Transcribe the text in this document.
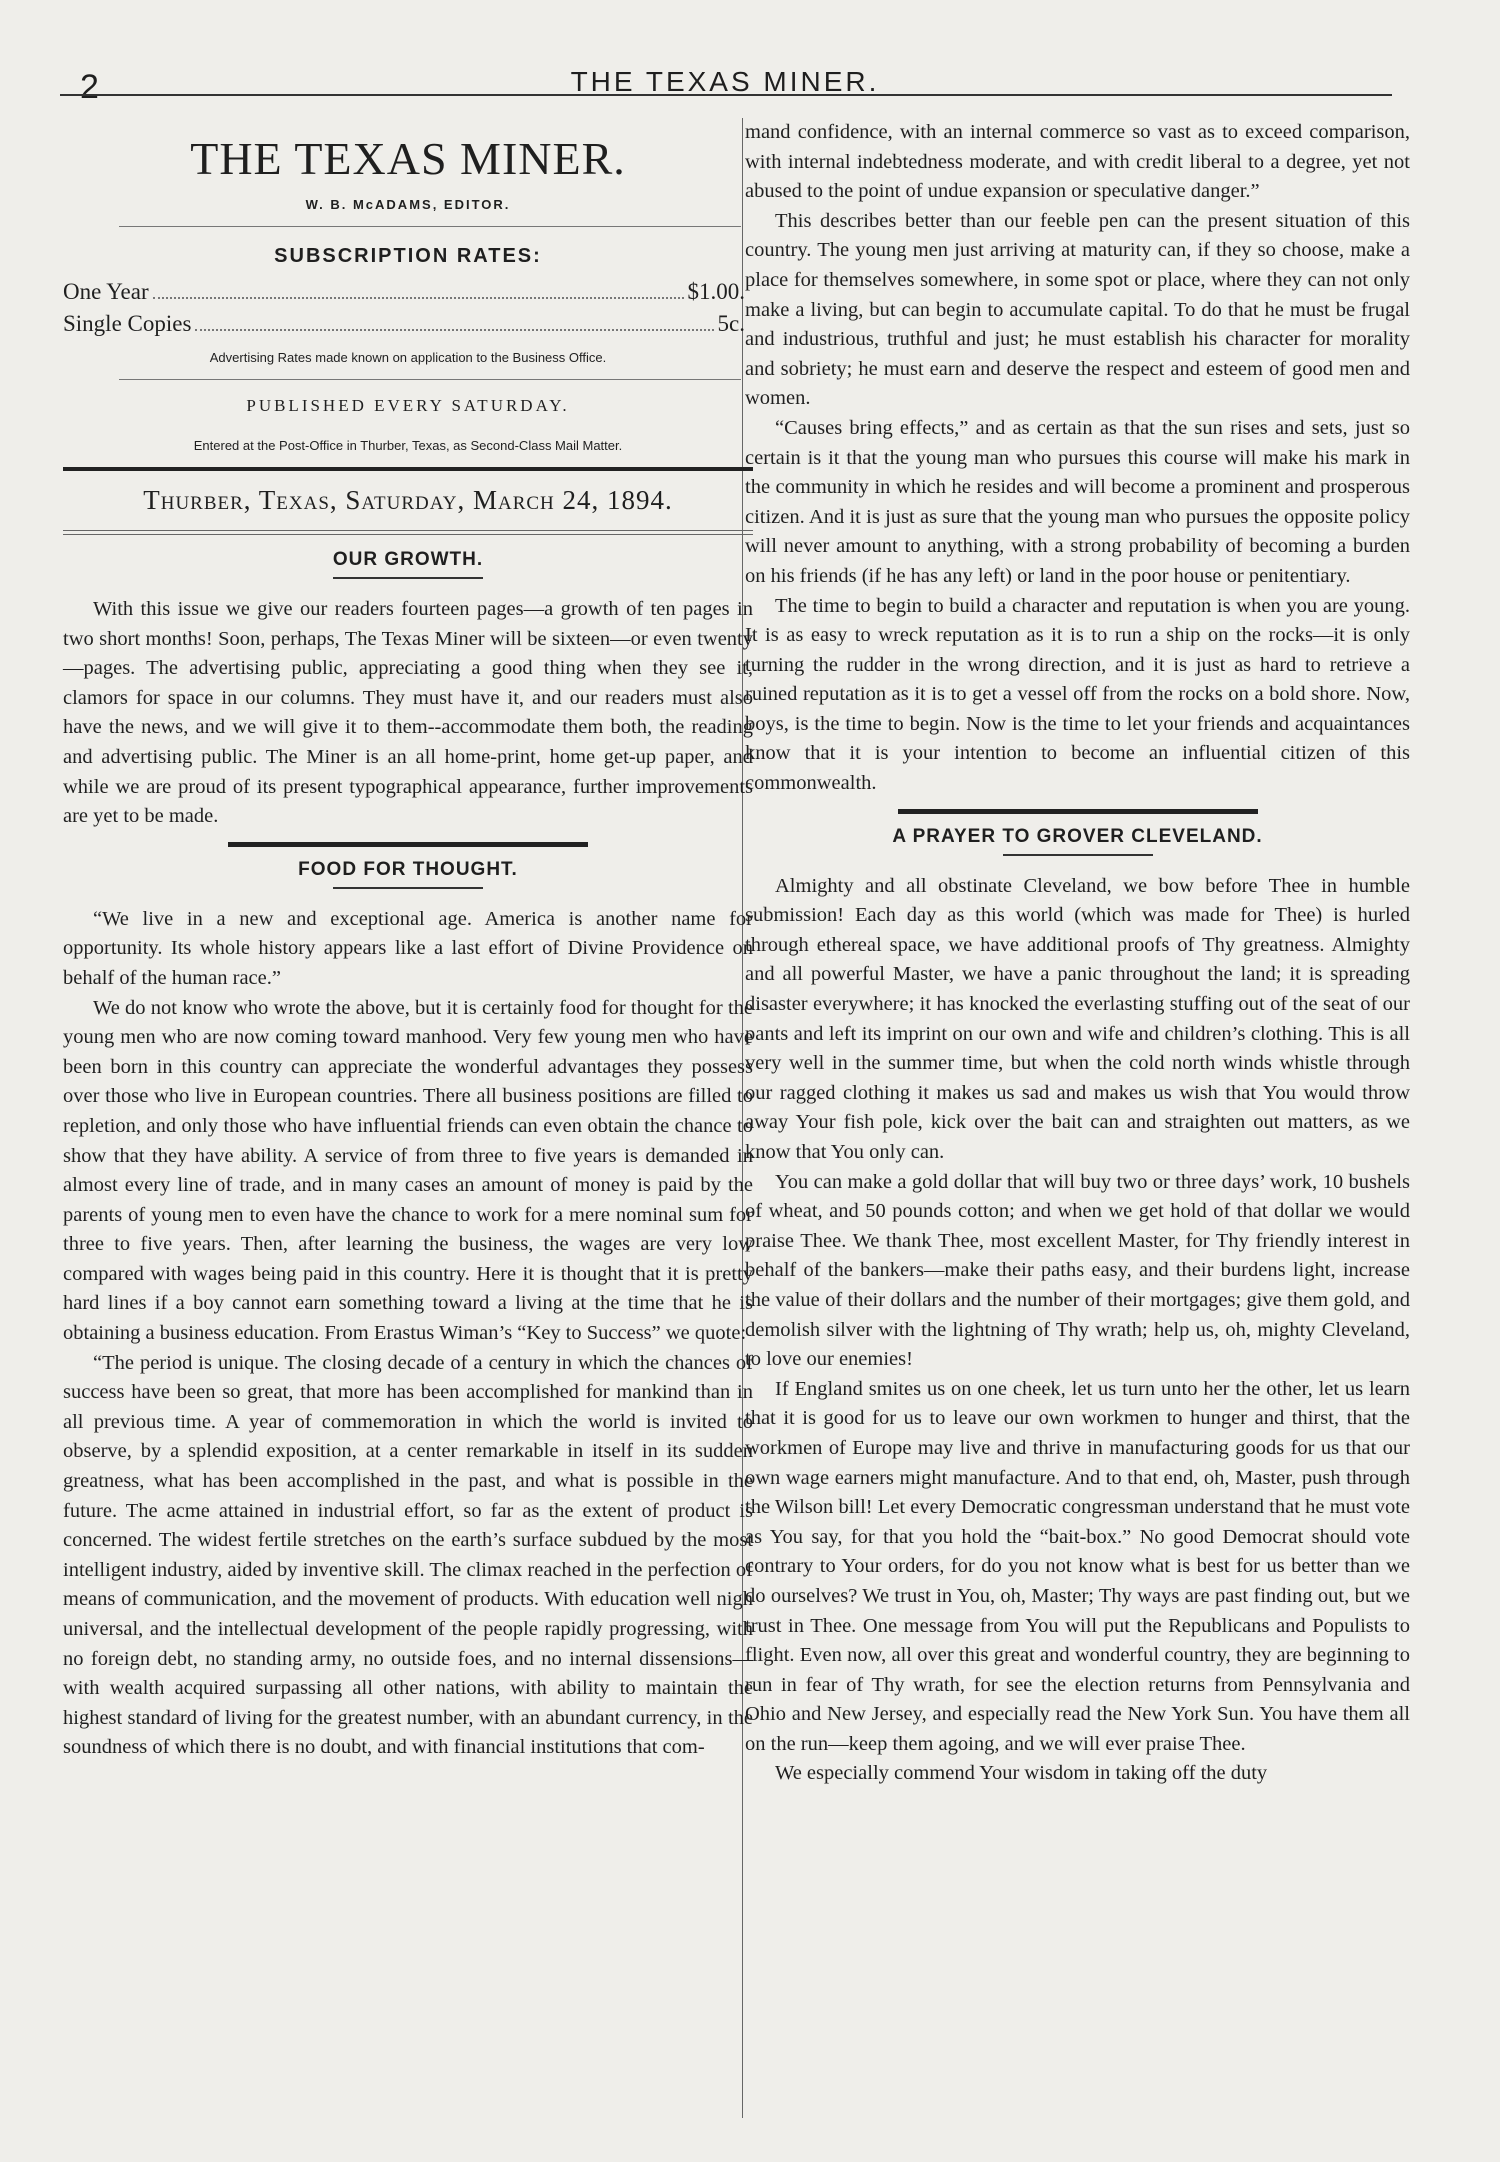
2	THE TEXAS MINER.
THE TEXAS MINER.
W. B. McADAMS, EDITOR.
SUBSCRIPTION RATES:
One Year	$1.00.
Single Copies	5c.
Advertising Rates made known on application to the Business Office.
PUBLISHED EVERY SATURDAY.
Entered at the Post-Office in Thurber, Texas, as Second-Class Mail Matter.
Thurber, Texas, Saturday, March 24, 1894.
OUR GROWTH.

With this issue we give our readers fourteen pages—a growth of ten pages in two short months! Soon, perhaps, The Texas Miner will be sixteen—or even twenty—pages. The advertising public, appreciating a good thing when they see it, clamors for space in our columns. They must have it, and our readers must also have the news, and we will give it to them--accommodate them both, the reading and advertising public. The Miner is an all home-print, home get-up paper, and while we are proud of its present typographical appearance, further improvements are yet to be made.

FOOD FOR THOUGHT.

“We live in a new and exceptional age. America is another name for opportunity. Its whole history appears like a last effort of Divine Providence on behalf of the human race.”

We do not know who wrote the above, but it is certainly food for thought for the young men who are now coming toward manhood. Very few young men who have been born in this country can appreciate the wonderful advantages they possess over those who live in European countries. There all business positions are filled to repletion, and only those who have influential friends can even obtain the chance to show that they have ability. A service of from three to five years is demanded in almost every line of trade, and in many cases an amount of money is paid by the parents of young men to even have the chance to work for a mere nominal sum for three to five years. Then, after learning the business, the wages are very low compared with wages being paid in this country. Here it is thought that it is pretty hard lines if a boy cannot earn something toward a living at the time that he is obtaining a business education. From Erastus Wiman’s “Key to Success” we quote:

“The period is unique. The closing decade of a century in which the chances of success have been so great, that more has been accomplished for mankind than in all previous time. A year of commemoration in which the world is invited to observe, by a splendid exposition, at a center remarkable in itself in its sudden greatness, what has been accomplished in the past, and what is possible in the future. The acme attained in industrial effort, so far as the extent of product is concerned. The widest fertile stretches on the earth’s surface subdued by the most intelligent industry, aided by inventive skill. The climax reached in the perfection of means of communication, and the movement of products. With education well nigh universal, and the intellectual development of the people rapidly progressing, with no foreign debt, no standing army, no outside foes, and no internal dissensions—with wealth acquired surpassing all other nations, with ability to maintain the highest standard of living for the greatest number, with an abundant currency, in the soundness of which there is no doubt, and with financial institutions that com-

mand confidence, with an internal commerce so vast as to exceed comparison, with internal indebtedness moderate, and with credit liberal to a degree, yet not abused to the point of undue expansion or speculative danger.”

This describes better than our feeble pen can the present situation of this country. The young men just arriving at maturity can, if they so choose, make a place for themselves somewhere, in some spot or place, where they can not only make a living, but can begin to accumulate capital. To do that he must be frugal and industrious, truthful and just; he must establish his character for morality and sobriety; he must earn and deserve the respect and esteem of good men and women.

“Causes bring effects,” and as certain as that the sun rises and sets, just so certain is it that the young man who pursues this course will make his mark in the community in which he resides and will become a prominent and prosperous citizen. And it is just as sure that the young man who pursues the opposite policy will never amount to anything, with a strong probability of becoming a burden on his friends (if he has any left) or land in the poor house or penitentiary.

The time to begin to build a character and reputation is when you are young. It is as easy to wreck reputation as it is to run a ship on the rocks—it is only turning the rudder in the wrong direction, and it is just as hard to retrieve a ruined reputation as it is to get a vessel off from the rocks on a bold shore. Now, boys, is the time to begin. Now is the time to let your friends and acquaintances know that it is your intention to become an influential citizen of this commonwealth.

A PRAYER TO GROVER CLEVELAND.

Almighty and all obstinate Cleveland, we bow before Thee in humble submission! Each day as this world (which was made for Thee) is hurled through ethereal space, we have additional proofs of Thy greatness. Almighty and all powerful Master, we have a panic throughout the land; it is spreading disaster everywhere; it has knocked the everlasting stuffing out of the seat of our pants and left its imprint on our own and wife and children’s clothing. This is all very well in the summer time, but when the cold north winds whistle through our ragged clothing it makes us sad and makes us wish that You would throw away Your fish pole, kick over the bait can and straighten out matters, as we know that You only can.

You can make a gold dollar that will buy two or three days’ work, 10 bushels of wheat, and 50 pounds cotton; and when we get hold of that dollar we would praise Thee. We thank Thee, most excellent Master, for Thy friendly interest in behalf of the bankers—make their paths easy, and their burdens light, increase the value of their dollars and the number of their mortgages; give them gold, and demolish silver with the lightning of Thy wrath; help us, oh, mighty Cleveland, to love our enemies!

If England smites us on one cheek, let us turn unto her the other, let us learn that it is good for us to leave our own workmen to hunger and thirst, that the workmen of Europe may live and thrive in manufacturing goods for us that our own wage earners might manufacture. And to that end, oh, Master, push through the Wilson bill! Let every Democratic congressman understand that he must vote as You say, for that you hold the “bait-box.” No good Democrat should vote contrary to Your orders, for do you not know what is best for us better than we do ourselves? We trust in You, oh, Master; Thy ways are past finding out, but we trust in Thee. One message from You will put the Republicans and Populists to flight. Even now, all over this great and wonderful country, they are beginning to run in fear of Thy wrath, for see the election returns from Pennsylvania and Ohio and New Jersey, and especially read the New York Sun. You have them all on the run—keep them agoing, and we will ever praise Thee.

We especially commend Your wisdom in taking off the duty
